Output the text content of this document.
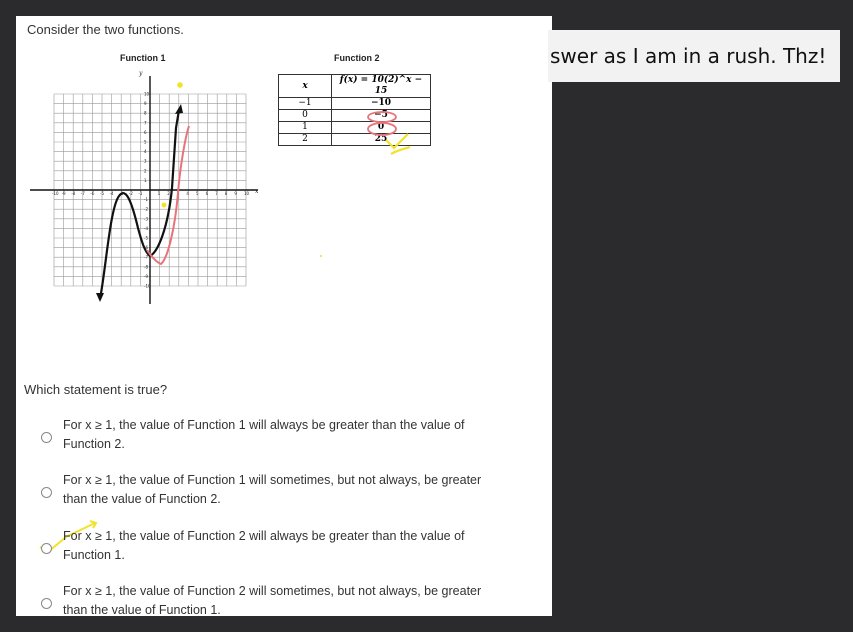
Consider the two functions.
Function 1	Function 2
-10 -9 -8 -7 -6 -5 -4 -3 -2 -1	1 2 3 4 5 6 7 8 9 10
10
9
8
7
6
5
4
3
2
1
-1
-2
-3
-4
-5
-6
-7
-8
-9
-10
x
y
x	f(x) = 10(2)^x − 15
−1	−10
0	−5
1	0
2	25
Which statement is true?
For x ≥ 1, the value of Function 1 will always be greater than the value of Function 2.
For x ≥ 1, the value of Function 1 will sometimes, but not always, be greater than the value of Function 2.
For x ≥ 1, the value of Function 2 will always be greater than the value of Function 1.
For x ≥ 1, the value of Function 2 will sometimes, but not always, be greater than the value of Function 1.
swer as I am in a rush. Thz!
